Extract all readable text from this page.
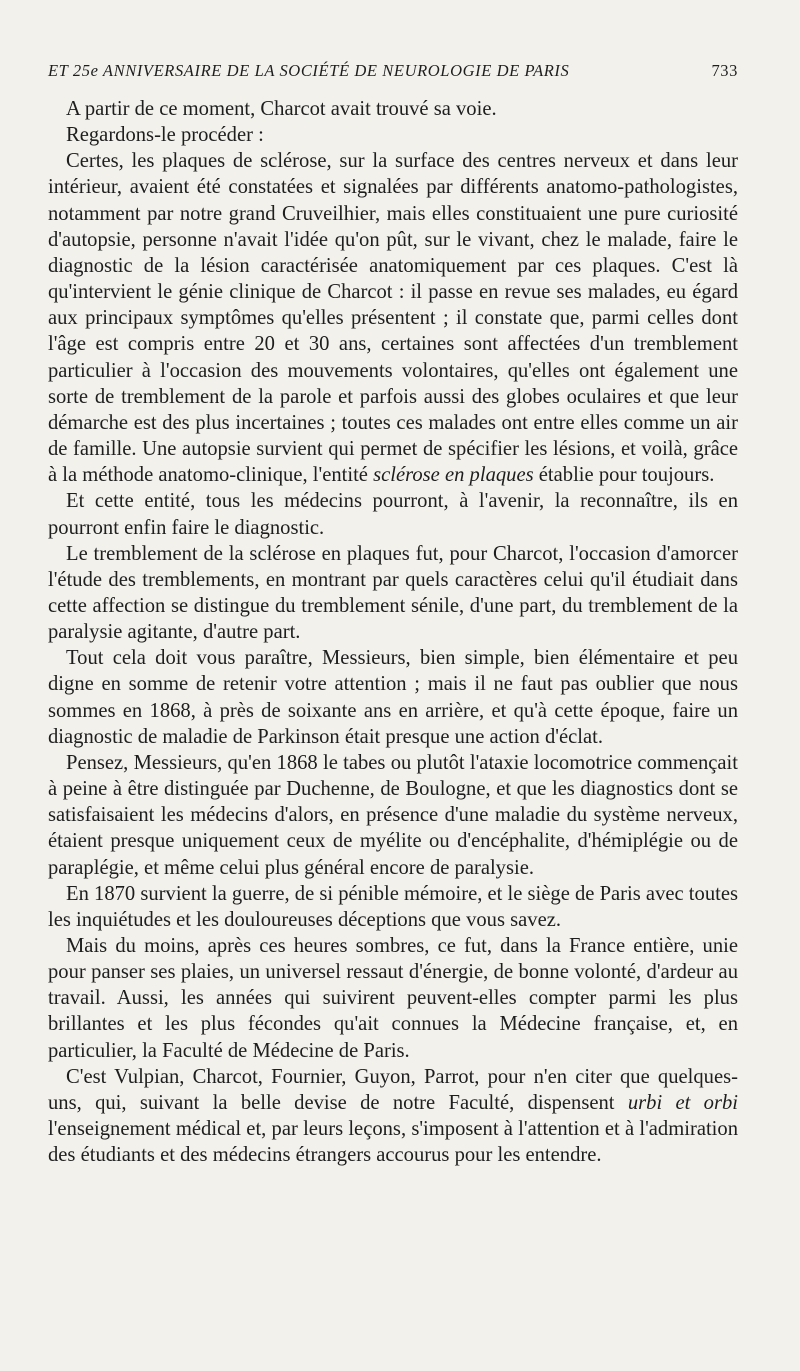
ET 25e ANNIVERSAIRE DE LA SOCIÉTÉ DE NEUROLOGIE DE PARIS	733

A partir de ce moment, Charcot avait trouvé sa voie.

Regardons-le procéder :

Certes, les plaques de sclérose, sur la surface des centres nerveux et dans leur intérieur, avaient été constatées et signalées par différents anatomo-pathologistes, notamment par notre grand Cruveilhier, mais elles constituaient une pure curiosité d'autopsie, personne n'avait l'idée qu'on pût, sur le vivant, chez le malade, faire le diagnostic de la lésion caractérisée anatomiquement par ces plaques. C'est là qu'intervient le génie clinique de Charcot : il passe en revue ses malades, eu égard aux principaux symptômes qu'elles présentent ; il constate que, parmi celles dont l'âge est compris entre 20 et 30 ans, certaines sont affectées d'un tremblement particulier à l'occasion des mouvements volontaires, qu'elles ont également une sorte de tremblement de la parole et parfois aussi des globes oculaires et que leur démarche est des plus incertaines ; toutes ces malades ont entre elles comme un air de famille. Une autopsie survient qui permet de spécifier les lésions, et voilà, grâce à la méthode anatomo-clinique, l'entité sclérose en plaques établie pour toujours.

Et cette entité, tous les médecins pourront, à l'avenir, la reconnaître, ils en pourront enfin faire le diagnostic.

Le tremblement de la sclérose en plaques fut, pour Charcot, l'occasion d'amorcer l'étude des tremblements, en montrant par quels caractères celui qu'il étudiait dans cette affection se distingue du tremblement sénile, d'une part, du tremblement de la paralysie agitante, d'autre part.

Tout cela doit vous paraître, Messieurs, bien simple, bien élémentaire et peu digne en somme de retenir votre attention ; mais il ne faut pas oublier que nous sommes en 1868, à près de soixante ans en arrière, et qu'à cette époque, faire un diagnostic de maladie de Parkinson était presque une action d'éclat.

Pensez, Messieurs, qu'en 1868 le tabes ou plutôt l'ataxie locomotrice commençait à peine à être distinguée par Duchenne, de Boulogne, et que les diagnostics dont se satisfaisaient les médecins d'alors, en présence d'une maladie du système nerveux, étaient presque uniquement ceux de myélite ou d'encéphalite, d'hémiplégie ou de paraplégie, et même celui plus général encore de paralysie.

En 1870 survient la guerre, de si pénible mémoire, et le siège de Paris avec toutes les inquiétudes et les douloureuses déceptions que vous savez.

Mais du moins, après ces heures sombres, ce fut, dans la France entière, unie pour panser ses plaies, un universel ressaut d'énergie, de bonne volonté, d'ardeur au travail. Aussi, les années qui suivirent peuvent-elles compter parmi les plus brillantes et les plus fécondes qu'ait connues la Médecine française, et, en particulier, la Faculté de Médecine de Paris.

C'est Vulpian, Charcot, Fournier, Guyon, Parrot, pour n'en citer que quelques-uns, qui, suivant la belle devise de notre Faculté, dispensent urbi et orbi l'enseignement médical et, par leurs leçons, s'imposent à l'attention et à l'admiration des étudiants et des médecins étrangers accourus pour les entendre.
